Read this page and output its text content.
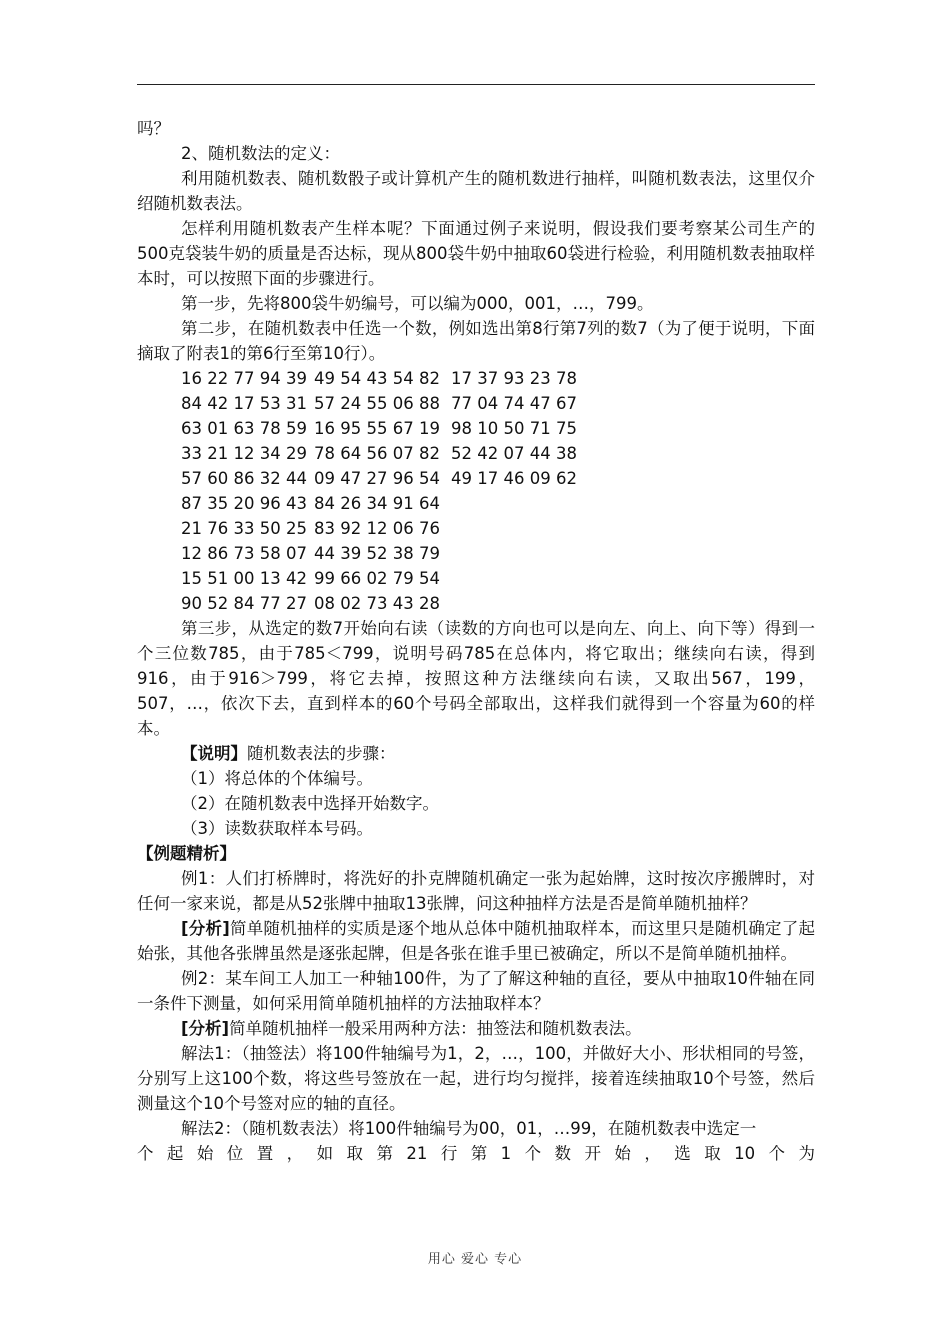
吗？

2、随机数法的定义：

利用随机数表、随机数骰子或计算机产生的随机数进行抽样，叫随机数表法，这里仅介绍随机数表法。

怎样利用随机数表产生样本呢？下面通过例子来说明，假设我们要考察某公司生产的500克袋装牛奶的质量是否达标，现从800袋牛奶中抽取60袋进行检验，利用随机数表抽取样本时，可以按照下面的步骤进行。

第一步，先将800袋牛奶编号，可以编为000，001，…，799。

第二步，在随机数表中任选一个数，例如选出第8行第7列的数7（为了便于说明，下面摘取了附表1的第6行至第10行）。

16 22 77 94 39 49 54 43 54 82 17 37 93 23 78
84 42 17 53 31 57 24 55 06 88 77 04 74 47 67
63 01 63 78 59 16 95 55 67 19 98 10 50 71 75
33 21 12 34 29 78 64 56 07 82 52 42 07 44 38
57 60 86 32 44 09 47 27 96 54 49 17 46 09 62
87 35 20 96 43 84 26 34 91 64
21 76 33 50 25 83 92 12 06 76
12 86 73 58 07 44 39 52 38 79
15 51 00 13 42 99 66 02 79 54
90 52 84 77 27 08 02 73 43 28

第三步，从选定的数7开始向右读（读数的方向也可以是向左、向上、向下等）得到一个三位数785，由于785＜799，说明号码785在总体内，将它取出；继续向右读，得到916，由于916＞799，将它去掉，按照这种方法继续向右读，又取出567，199，507，…，依次下去，直到样本的60个号码全部取出，这样我们就得到一个容量为60的样本。

【说明】随机数表法的步骤：

（1）将总体的个体编号。

（2）在随机数表中选择开始数字。

（3）读数获取样本号码。

【例题精析】

例1：人们打桥牌时，将洗好的扑克牌随机确定一张为起始牌，这时按次序搬牌时，对任何一家来说，都是从52张牌中抽取13张牌，问这种抽样方法是否是简单随机抽样？

[分析]简单随机抽样的实质是逐个地从总体中随机抽取样本，而这里只是随机确定了起始张，其他各张牌虽然是逐张起牌，但是各张在谁手里已被确定，所以不是简单随机抽样。

例2：某车间工人加工一种轴100件，为了了解这种轴的直径，要从中抽取10件轴在同一条件下测量，如何采用简单随机抽样的方法抽取样本？

[分析]简单随机抽样一般采用两种方法：抽签法和随机数表法。

解法1：（抽签法）将100件轴编号为1，2，…，100，并做好大小、形状相同的号签，分别写上这100个数，将这些号签放在一起，进行均匀搅拌，接着连续抽取10个号签，然后测量这个10个号签对应的轴的直径。

解法2：（随机数表法）将100件轴编号为00，01，…99，在随机数表中选定一

个起始位置，如取第21行第1个数开始，选取10个为

用心 爱心 专心
